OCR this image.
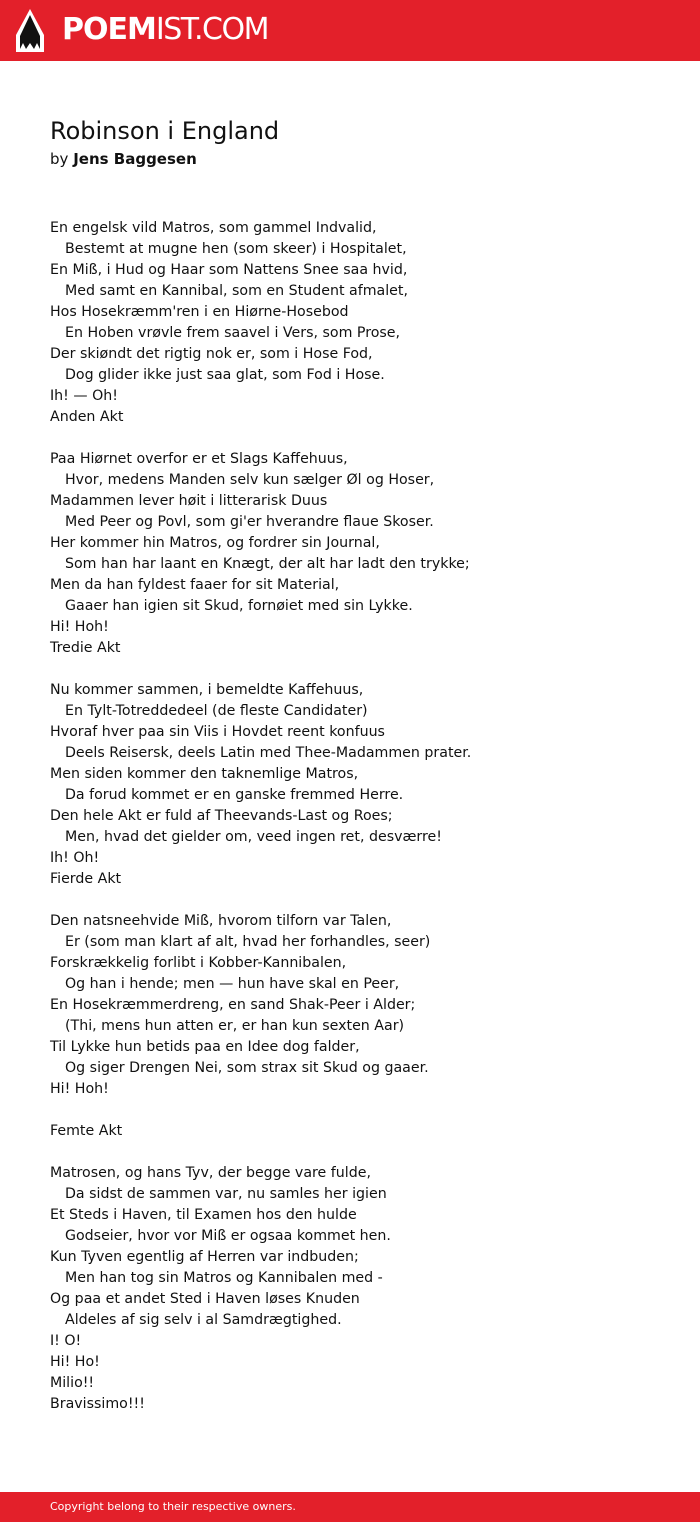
POEMIST.COM
Robinson i England
by Jens Baggesen
En engelsk vild Matros, som gammel Indvalid,
Bestemt at mugne hen (som skeer) i Hospitalet,
En Miß, i Hud og Haar som Nattens Snee saa hvid,
Med samt en Kannibal, som en Student afmalet,
Hos Hosekræmm'ren i en Hiørne-Hosebod
En Hoben vrøvle frem saavel i Vers, som Prose,
Der skiøndt det rigtig nok er, som i Hose Fod,
Dog glider ikke just saa glat, som Fod i Hose.
Ih! — Oh!
Anden Akt
Paa Hiørnet overfor er et Slags Kaffehuus,
Hvor, medens Manden selv kun sælger Øl og Hoser,
Madammen lever høit i litterarisk Duus
Med Peer og Povl, som gi'er hverandre flaue Skoser.
Her kommer hin Matros, og fordrer sin Journal,
Som han har laant en Knægt, der alt har ladt den trykke;
Men da han fyldest faaer for sit Material,
Gaaer han igien sit Skud, fornøiet med sin Lykke.
Hi! Hoh!
Tredie Akt
Nu kommer sammen, i bemeldte Kaffehuus,
En Tylt-Totreddedeel (de fleste Candidater)
Hvoraf hver paa sin Viis i Hovdet reent konfuus
Deels Reisersk, deels Latin med Thee-Madammen prater.
Men siden kommer den taknemlige Matros,
Da forud kommet er en ganske fremmed Herre.
Den hele Akt er fuld af Theevands-Last og Roes;
Men, hvad det gielder om, veed ingen ret, desværre!
Ih! Oh!
Fierde Akt
Den natsneehvide Miß, hvorom tilforn var Talen,
Er (som man klart af alt, hvad her forhandles, seer)
Forskrækkelig forlibt i Kobber-Kannibalen,
Og han i hende; men — hun have skal en Peer,
En Hosekræmmerdreng, en sand Shak-Peer i Alder;
(Thi, mens hun atten er, er han kun sexten Aar)
Til Lykke hun betids paa en Idee dog falder,
Og siger Drengen Nei, som strax sit Skud og gaaer.
Hi! Hoh!
Femte Akt
Matrosen, og hans Tyv, der begge vare fulde,
Da sidst de sammen var, nu samles her igien
Et Steds i Haven, til Examen hos den hulde
Godseier, hvor vor Miß er ogsaa kommet hen.
Kun Tyven egentlig af Herren var indbuden;
Men han tog sin Matros og Kannibalen med -
Og paa et andet Sted i Haven løses Knuden
Aldeles af sig selv i al Samdrægtighed.
I! O!
Hi! Ho!
Milio!!
Bravissimo!!!
Copyright belong to their respective owners.
